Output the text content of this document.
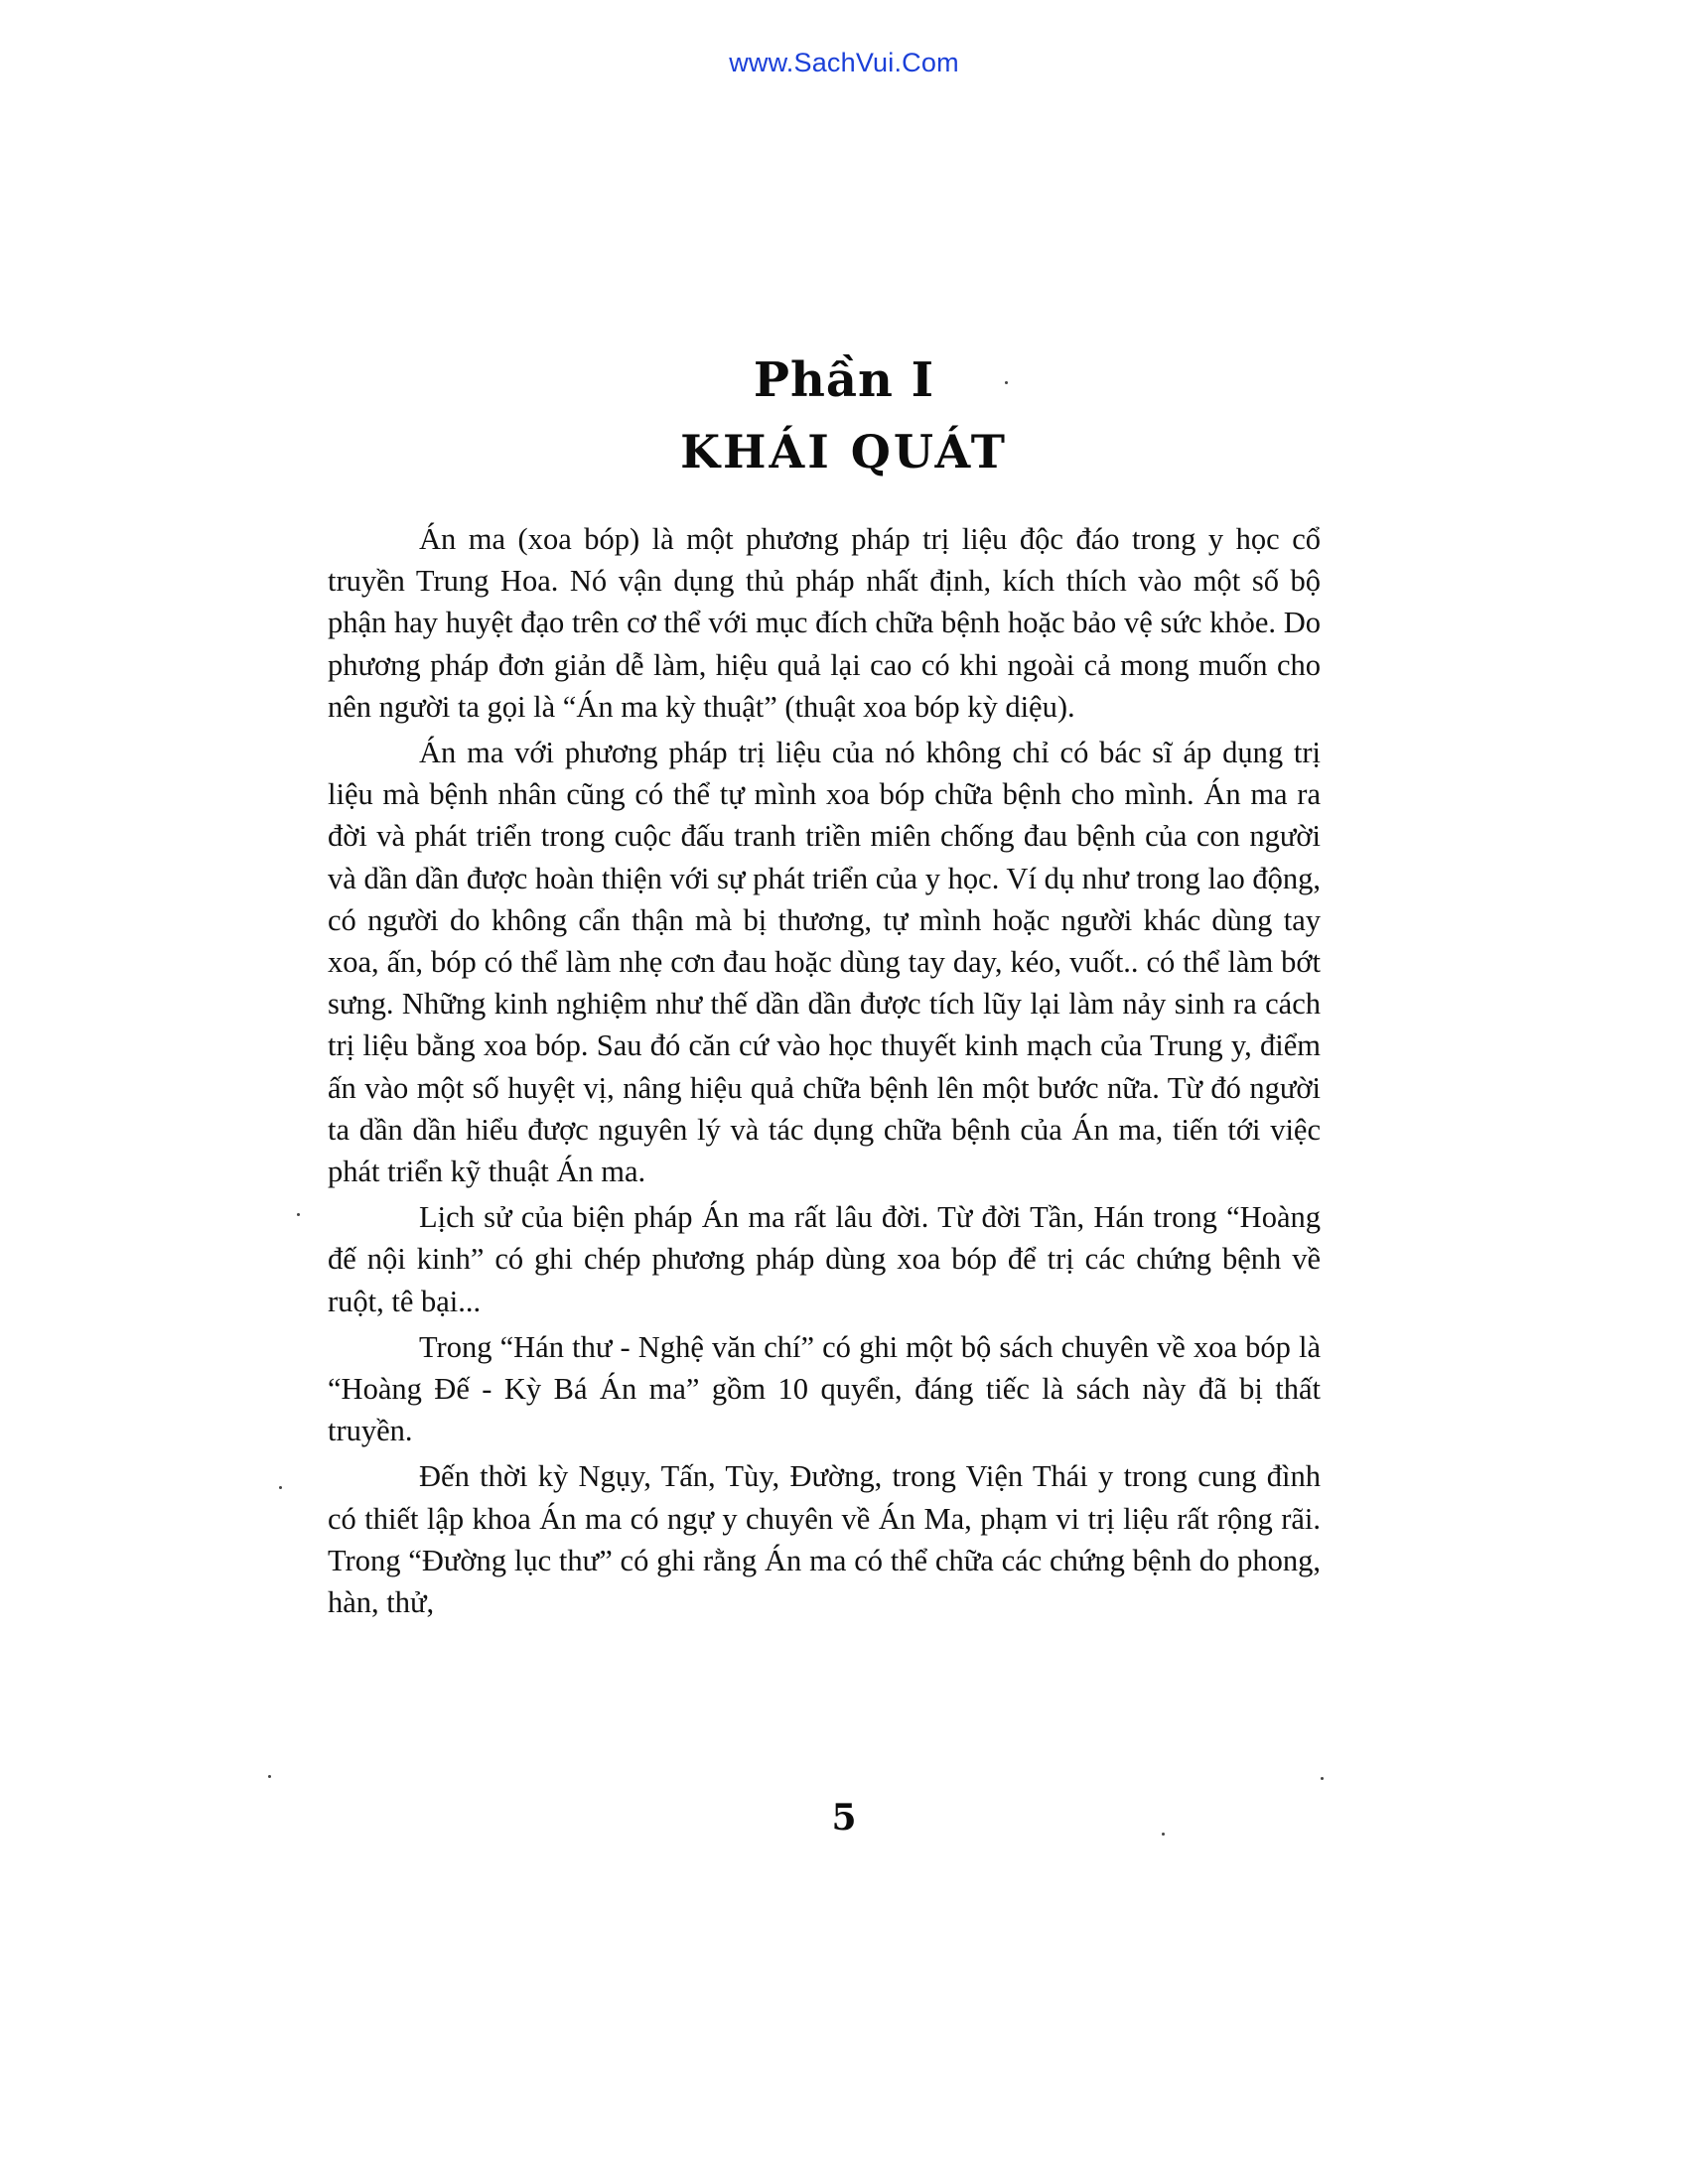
www.SachVui.Com
Phần I
KHÁI QUÁT

Án ma (xoa bóp) là một phương pháp trị liệu độc đáo trong y học cổ truyền Trung Hoa. Nó vận dụng thủ pháp nhất định, kích thích vào một số bộ phận hay huyệt đạo trên cơ thể với mục đích chữa bệnh hoặc bảo vệ sức khỏe. Do phương pháp đơn giản dễ làm, hiệu quả lại cao có khi ngoài cả mong muốn cho nên người ta gọi là “Án ma kỳ thuật” (thuật xoa bóp kỳ diệu).

Án ma với phương pháp trị liệu của nó không chỉ có bác sĩ áp dụng trị liệu mà bệnh nhân cũng có thể tự mình xoa bóp chữa bệnh cho mình. Án ma ra đời và phát triển trong cuộc đấu tranh triền miên chống đau bệnh của con người và dần dần được hoàn thiện với sự phát triển của y học. Ví dụ như trong lao động, có người do không cẩn thận mà bị thương, tự mình hoặc người khác dùng tay xoa, ấn, bóp có thể làm nhẹ cơn đau hoặc dùng tay day, kéo, vuốt.. có thể làm bớt sưng. Những kinh nghiệm như thế dần dần được tích lũy lại làm nảy sinh ra cách trị liệu bằng xoa bóp. Sau đó căn cứ vào học thuyết kinh mạch của Trung y, điểm ấn vào một số huyệt vị, nâng hiệu quả chữa bệnh lên một bước nữa. Từ đó người ta dần dần hiểu được nguyên lý và tác dụng chữa bệnh của Án ma, tiến tới việc phát triển kỹ thuật Án ma.

Lịch sử của biện pháp Án ma rất lâu đời. Từ đời Tần, Hán trong “Hoàng đế nội kinh” có ghi chép phương pháp dùng xoa bóp để trị các chứng bệnh về ruột, tê bại...

Trong “Hán thư - Nghệ văn chí” có ghi một bộ sách chuyên về xoa bóp là “Hoàng Đế - Kỳ Bá Án ma” gồm 10 quyển, đáng tiếc là sách này đã bị thất truyền.

Đến thời kỳ Ngụy, Tấn, Tùy, Đường, trong Viện Thái y trong cung đình có thiết lập khoa Án ma có ngự y chuyên về Án Ma, phạm vi trị liệu rất rộng rãi. Trong “Đường lục thư” có ghi rằng Án ma có thể chữa các chứng bệnh do phong, hàn, thử,

5
